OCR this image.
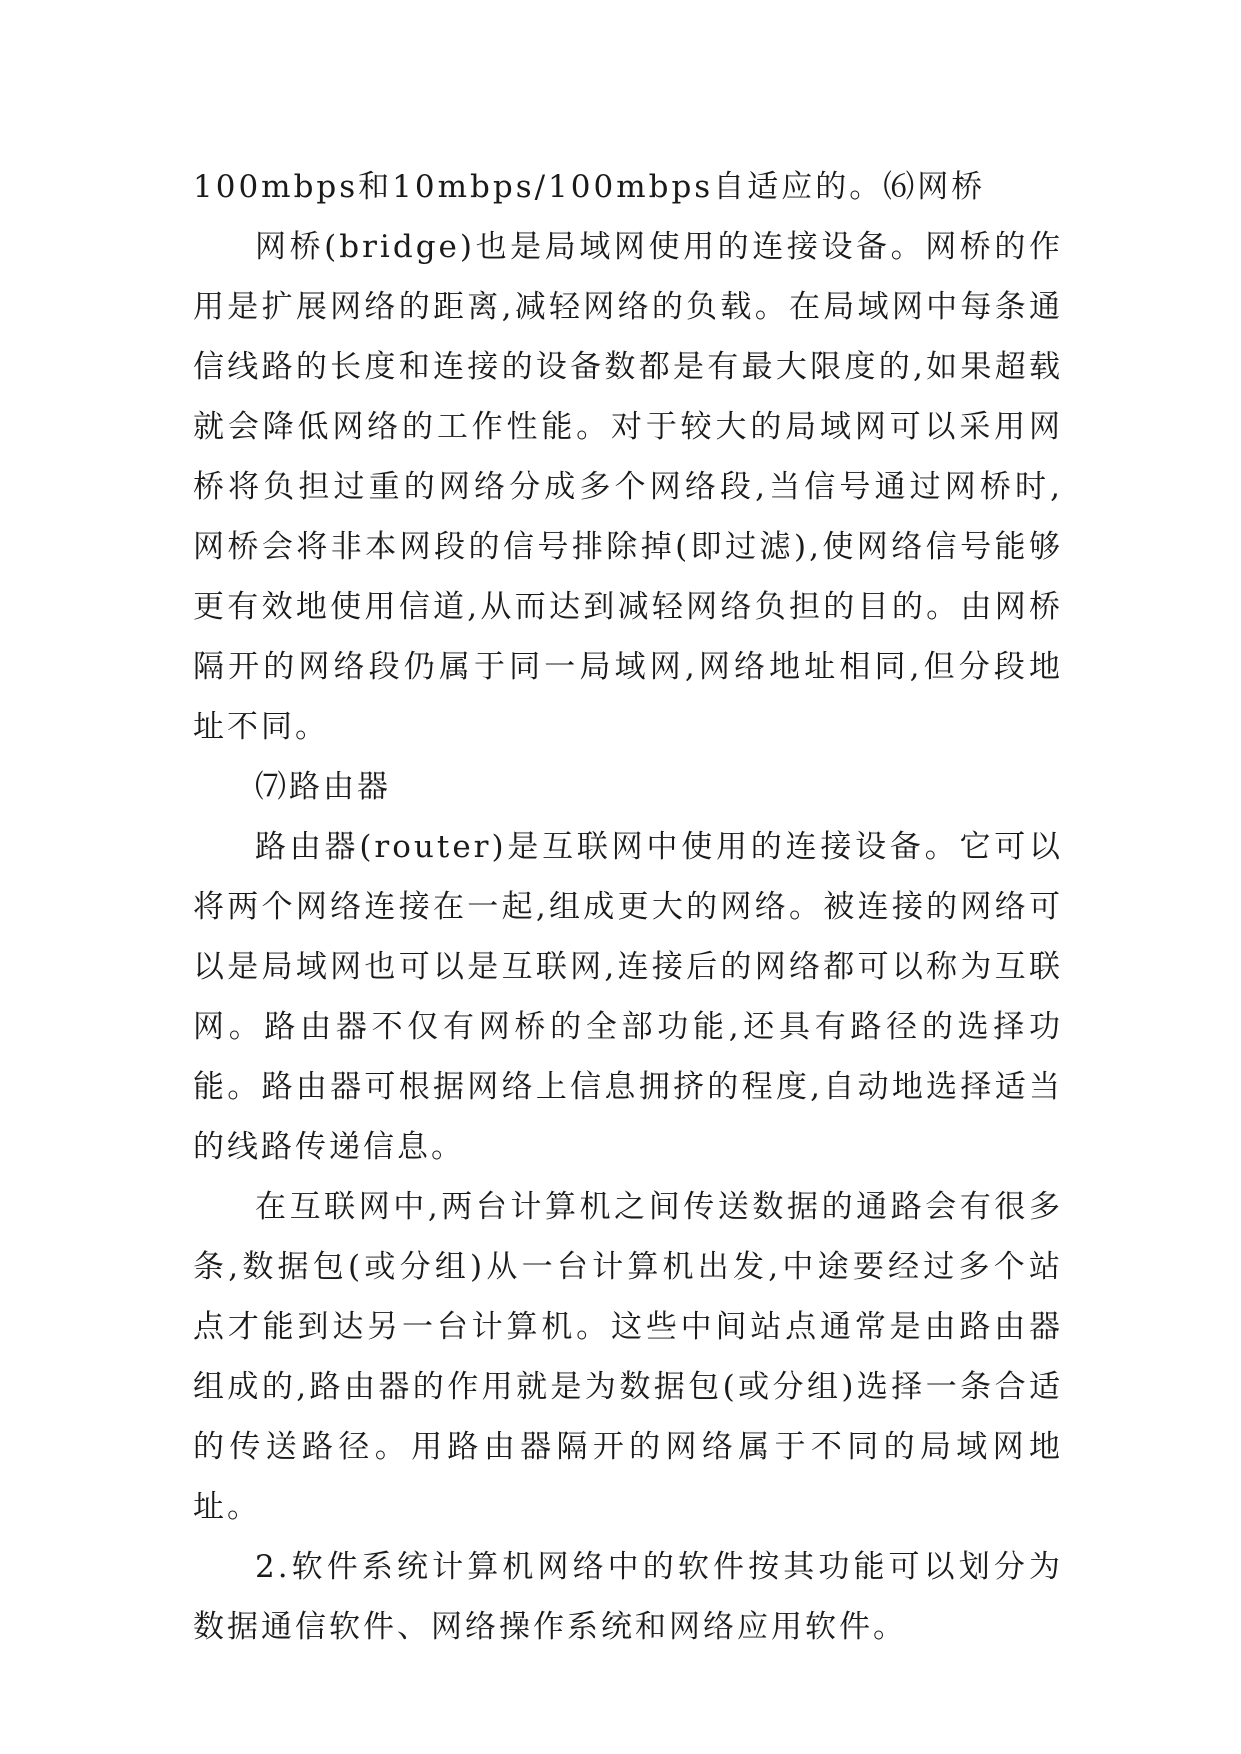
100mbps和10mbps/100mbps自适应的。⑹网桥

网桥(bridge)也是局域网使用的连接设备。网桥的作用是扩展网络的距离,减轻网络的负载。在局域网中每条通信线路的长度和连接的设备数都是有最大限度的,如果超载就会降低网络的工作性能。对于较大的局域网可以采用网桥将负担过重的网络分成多个网络段,当信号通过网桥时,网桥会将非本网段的信号排除掉(即过滤),使网络信号能够更有效地使用信道,从而达到减轻网络负担的目的。由网桥隔开的网络段仍属于同一局域网,网络地址相同,但分段地址不同。

⑺路由器

路由器(router)是互联网中使用的连接设备。它可以将两个网络连接在一起,组成更大的网络。被连接的网络可以是局域网也可以是互联网,连接后的网络都可以称为互联网。路由器不仅有网桥的全部功能,还具有路径的选择功能。路由器可根据网络上信息拥挤的程度,自动地选择适当的线路传递信息。

在互联网中,两台计算机之间传送数据的通路会有很多条,数据包(或分组)从一台计算机出发,中途要经过多个站点才能到达另一台计算机。这些中间站点通常是由路由器组成的,路由器的作用就是为数据包(或分组)选择一条合适的传送路径。用路由器隔开的网络属于不同的局域网地址。

2.软件系统计算机网络中的软件按其功能可以划分为数据通信软件、网络操作系统和网络应用软件。
